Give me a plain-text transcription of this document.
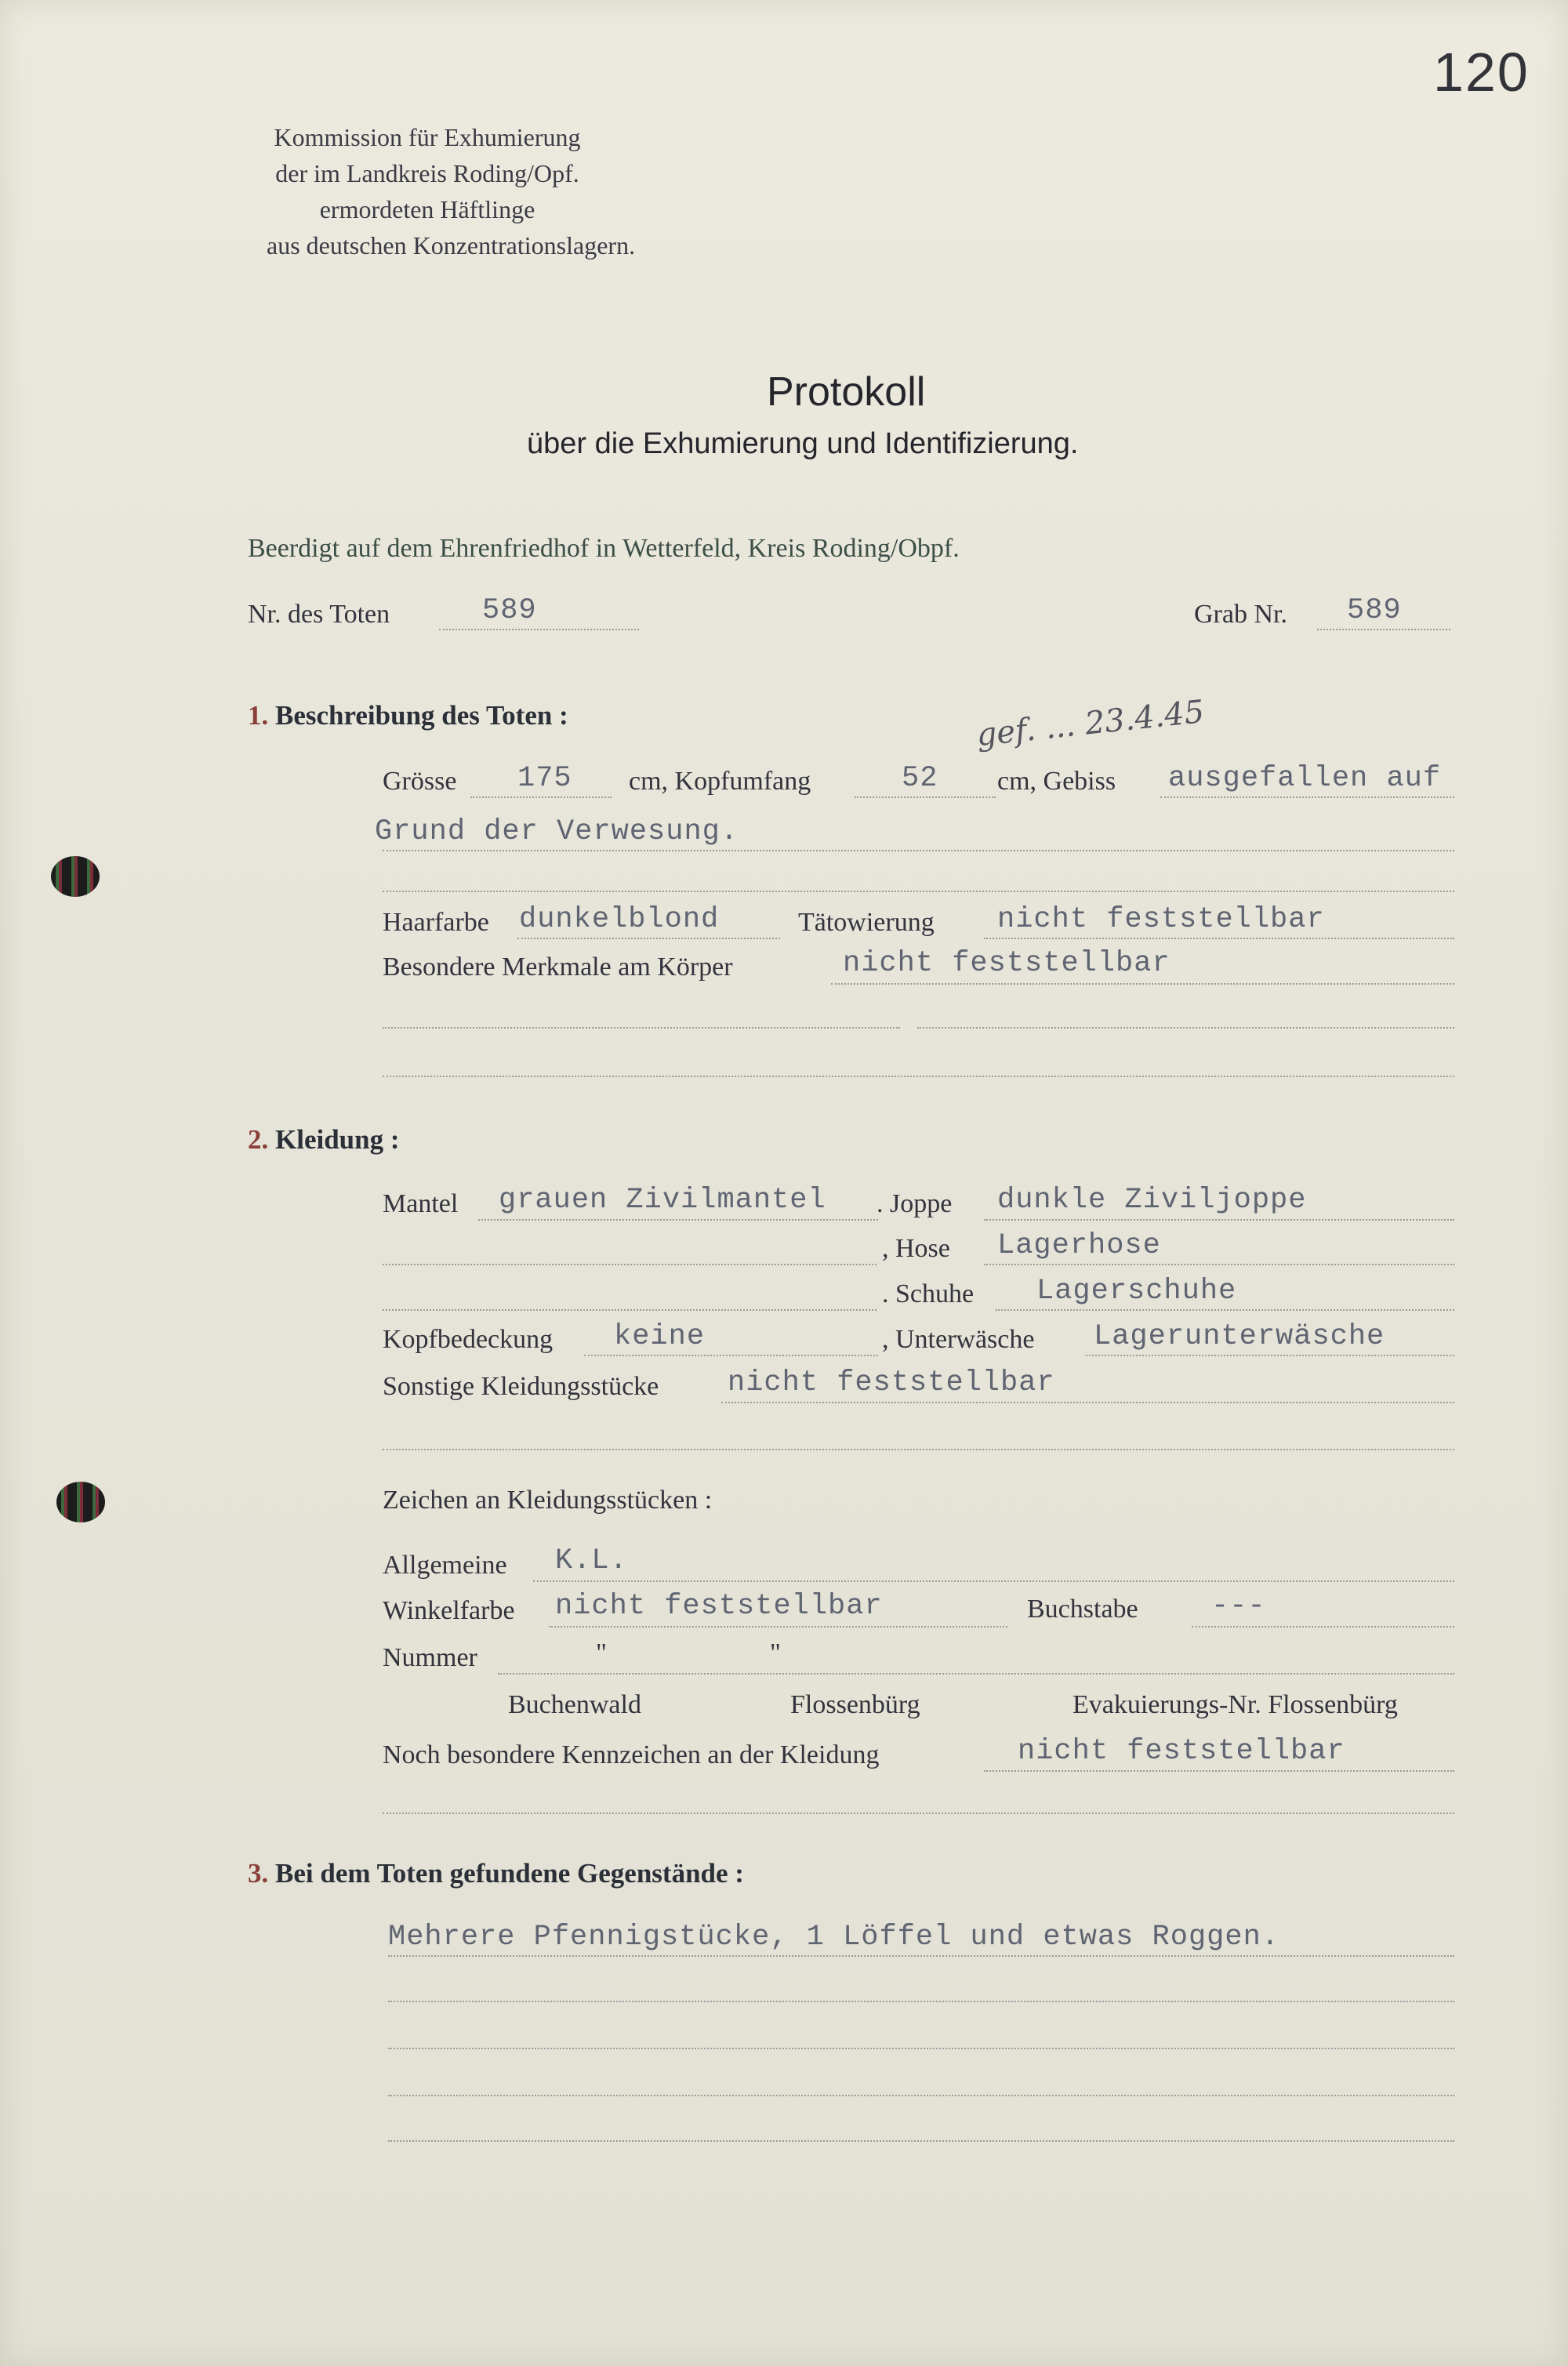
120
Kommission für Exhumierung
der im Landkreis Roding/Opf.
ermordeten Häftlinge
aus deutschen Konzentrationslagern.
Protokoll
über die Exhumierung und Identifizierung.
Beerdigt auf dem Ehrenfriedhof in Wetterfeld, Kreis Roding/Obpf.
Nr. des Toten	589	Grab Nr. 589
1. Beschreibung des Toten :	gef. ... 23.4.45
Grösse 175 cm, Kopfumfang	52 cm, Gebiss ausgefallen auf
Grund der Verwesung.
Haarfarbe dunkelblond	Tätowierung nicht feststellbar
Besondere Merkmale am Körper	nicht feststellbar
2. Kleidung :
Mantel grauen Zivilmantel . Joppe dunkle Ziviljoppe
, Hose Lagerhose
. Schuhe Lagerschuhe
Kopfbedeckung keine	, Unterwäsche Lagerunterwäsche
Sonstige Kleidungsstücke nicht feststellbar
Zeichen an Kleidungsstücken :
Allgemeine K.L.
Winkelfarbe nicht feststellbar	Buchstabe	---
Nummer	"	"
Buchenwald	Flossenbürg	Evakuierungs-Nr. Flossenbürg
Noch besondere Kennzeichen an der Kleidung	nicht feststellbar
3. Bei dem Toten gefundene Gegenstände :
Mehrere Pfennigstücke, 1 Löffel und etwas Roggen.
